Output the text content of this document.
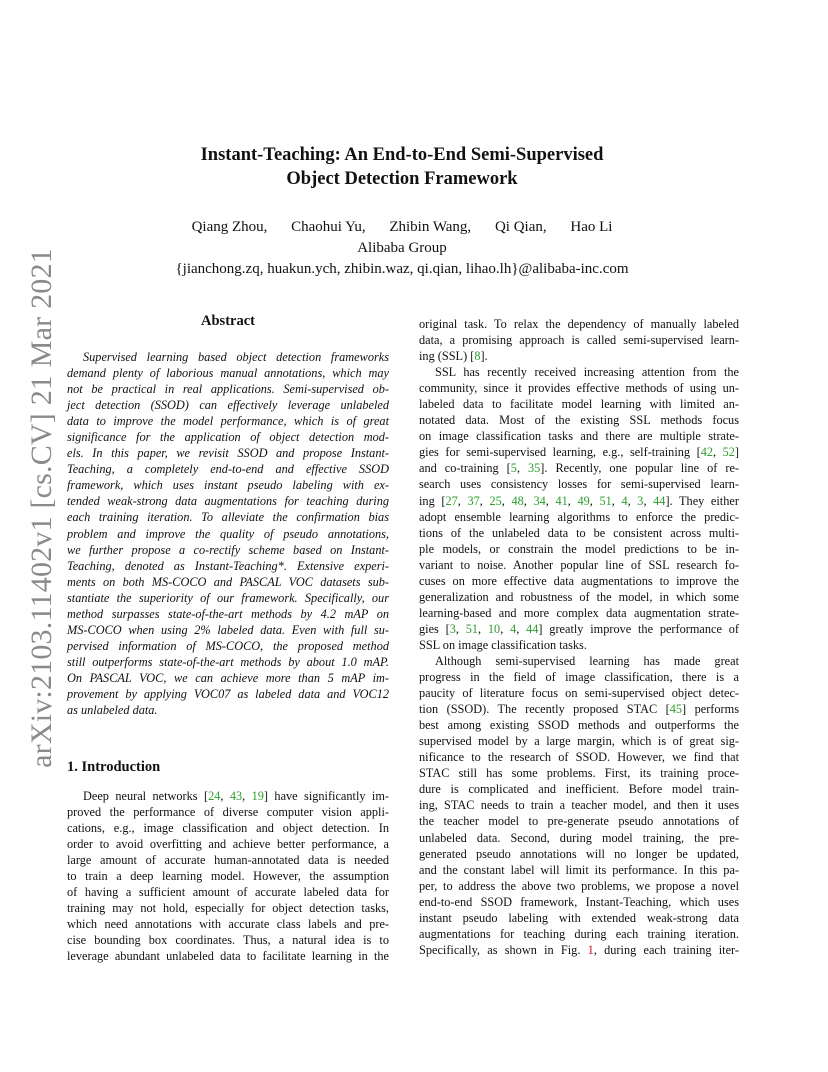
arXiv:2103.11402v1 [cs.CV] 21 Mar 2021
Instant-Teaching: An End-to-End Semi-Supervised
Object Detection Framework
Qiang Zhou, Chaohui Yu, Zhibin Wang, Qi Qian, Hao Li
Alibaba Group
{jianchong.zq, huakun.ych, zhibin.waz, qi.qian, lihao.lh}@alibaba-inc.com
Abstract
Supervised learning based object detection frameworks
demand plenty of laborious manual annotations, which may
not be practical in real applications. Semi-supervised ob-
ject detection (SSOD) can effectively leverage unlabeled
data to improve the model performance, which is of great
significance for the application of object detection mod-
els. In this paper, we revisit SSOD and propose Instant-
Teaching, a completely end-to-end and effective SSOD
framework, which uses instant pseudo labeling with ex-
tended weak-strong data augmentations for teaching during
each training iteration. To alleviate the confirmation bias
problem and improve the quality of pseudo annotations,
we further propose a co-rectify scheme based on Instant-
Teaching, denoted as Instant-Teaching*. Extensive experi-
ments on both MS-COCO and PASCAL VOC datasets sub-
stantiate the superiority of our framework. Specifically, our
method surpasses state-of-the-art methods by 4.2 mAP on
MS-COCO when using 2% labeled data. Even with full su-
pervised information of MS-COCO, the proposed method
still outperforms state-of-the-art methods by about 1.0 mAP.
On PASCAL VOC, we can achieve more than 5 mAP im-
provement by applying VOC07 as labeled data and VOC12
as unlabeled data.
1. Introduction
Deep neural networks [24, 43, 19] have significantly im-
proved the performance of diverse computer vision appli-
cations, e.g., image classification and object detection. In
order to avoid overfitting and achieve better performance, a
large amount of accurate human-annotated data is needed
to train a deep learning model. However, the assumption
of having a sufficient amount of accurate labeled data for
training may not hold, especially for object detection tasks,
which need annotations with accurate class labels and pre-
cise bounding box coordinates. Thus, a natural idea is to
leverage abundant unlabeled data to facilitate learning in the
original task. To relax the dependency of manually labeled
data, a promising approach is called semi-supervised learn-
ing (SSL) [8].
SSL has recently received increasing attention from the
community, since it provides effective methods of using un-
labeled data to facilitate model learning with limited an-
notated data. Most of the existing SSL methods focus
on image classification tasks and there are multiple strate-
gies for semi-supervised learning, e.g., self-training [42, 52]
and co-training [5, 35]. Recently, one popular line of re-
search uses consistency losses for semi-supervised learn-
ing [27, 37, 25, 48, 34, 41, 49, 51, 4, 3, 44]. They either
adopt ensemble learning algorithms to enforce the predic-
tions of the unlabeled data to be consistent across multi-
ple models, or constrain the model predictions to be in-
variant to noise. Another popular line of SSL research fo-
cuses on more effective data augmentations to improve the
generalization and robustness of the model, in which some
learning-based and more complex data augmentation strate-
gies [3, 51, 10, 4, 44] greatly improve the performance of
SSL on image classification tasks.
Although semi-supervised learning has made great
progress in the field of image classification, there is a
paucity of literature focus on semi-supervised object detec-
tion (SSOD). The recently proposed STAC [45] performs
best among existing SSOD methods and outperforms the
supervised model by a large margin, which is of great sig-
nificance to the research of SSOD. However, we find that
STAC still has some problems. First, its training proce-
dure is complicated and inefficient. Before model train-
ing, STAC needs to train a teacher model, and then it uses
the teacher model to pre-generate pseudo annotations of
unlabeled data. Second, during model training, the pre-
generated pseudo annotations will no longer be updated,
and the constant label will limit its performance. In this pa-
per, to address the above two problems, we propose a novel
end-to-end SSOD framework, Instant-Teaching, which uses
instant pseudo labeling with extended weak-strong data
augmentations for teaching during each training iteration.
Specifically, as shown in Fig. 1, during each training iter-
